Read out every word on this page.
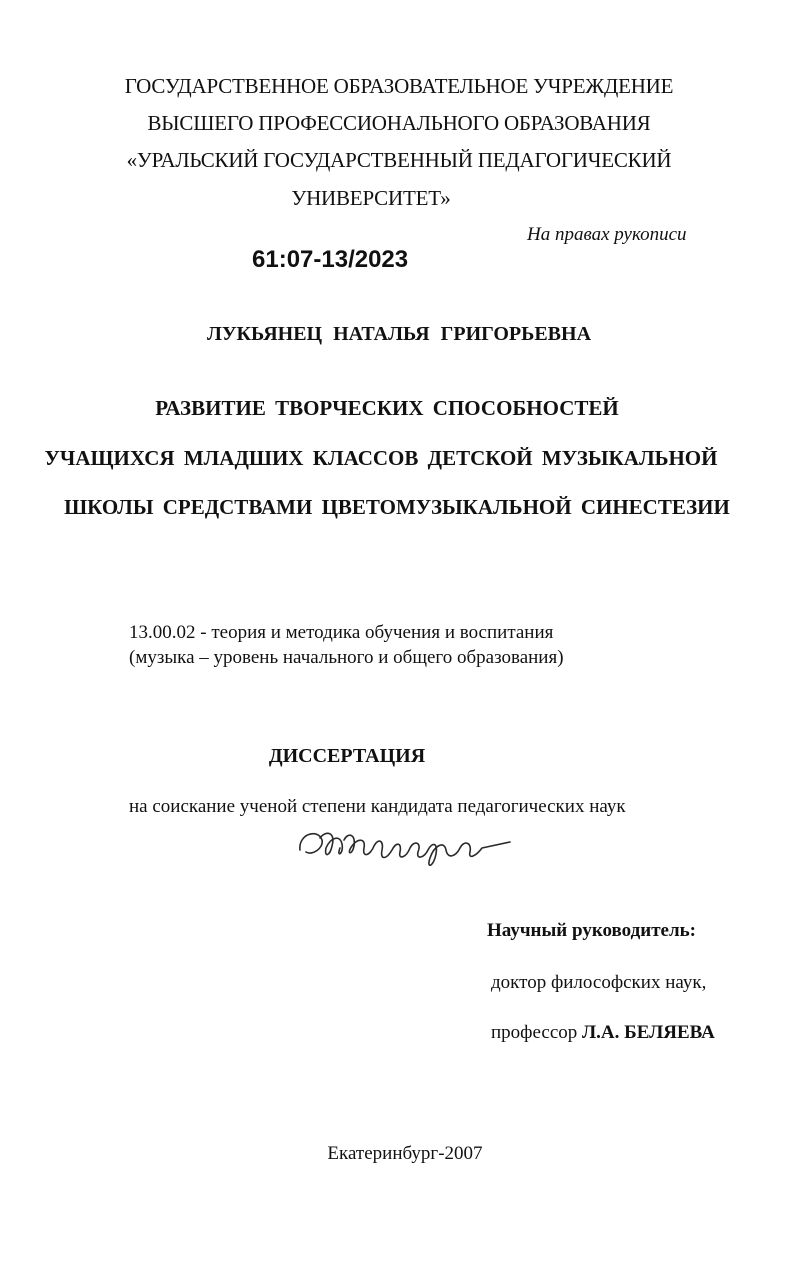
ГОСУДАРСТВЕННОЕ ОБРАЗОВАТЕЛЬНОЕ УЧРЕЖДЕНИЕ

ВЫСШЕГО ПРОФЕССИОНАЛЬНОГО ОБРАЗОВАНИЯ

«УРАЛЬСКИЙ ГОСУДАРСТВЕННЫЙ ПЕДАГОГИЧЕСКИЙ

УНИВЕРСИТЕТ»

На правах рукописи

61:07-13/2023

ЛУКЬЯНЕЦ НАТАЛЬЯ ГРИГОРЬЕВНА

РАЗВИТИЕ ТВОРЧЕСКИХ СПОСОБНОСТЕЙ

УЧАЩИХСЯ МЛАДШИХ КЛАССОВ ДЕТСКОЙ МУЗЫКАЛЬНОЙ

ШКОЛЫ СРЕДСТВАМИ ЦВЕТОМУЗЫКАЛЬНОЙ СИНЕСТЕЗИИ

13.00.02 - теория и методика обучения и воспитания

(музыка – уровень начального и общего образования)

ДИССЕРТАЦИЯ

на соискание ученой степени кандидата педагогических наук

Научный руководитель:

доктор философских наук,

профессор Л.А. БЕЛЯЕВА

Екатеринбург-2007
